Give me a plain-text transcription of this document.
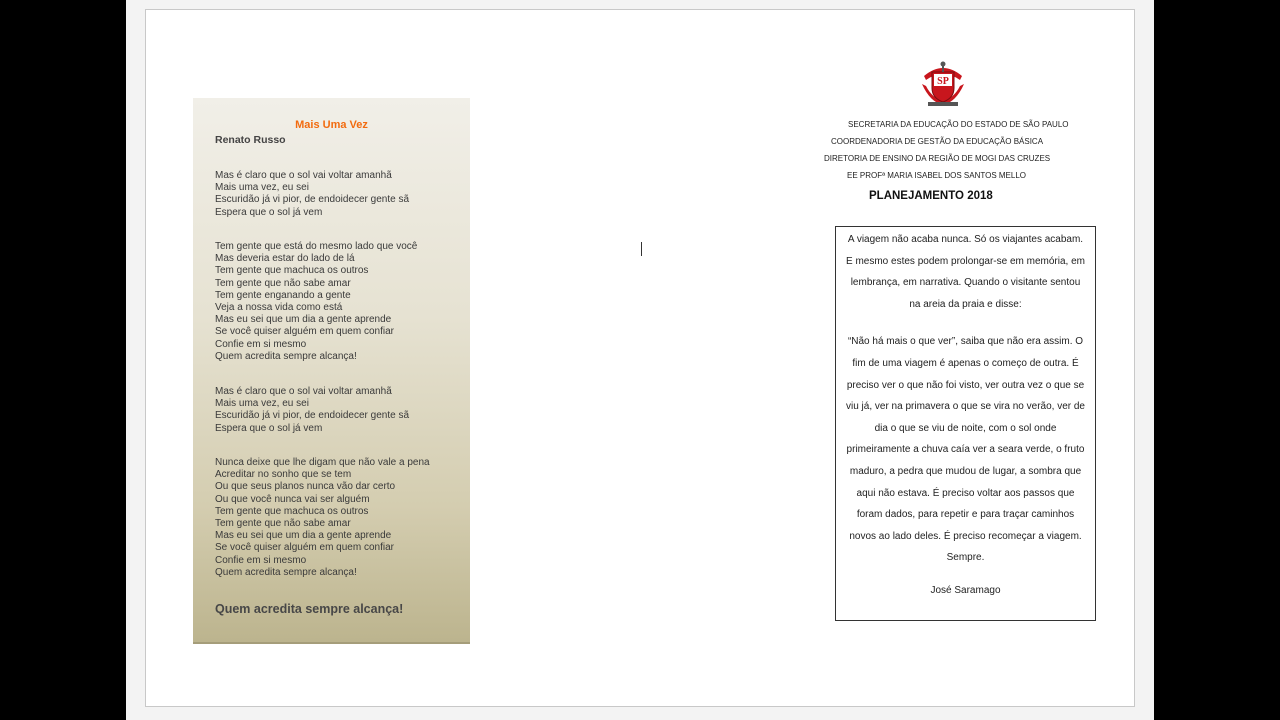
Mais Uma Vez
Renato Russo
Mas é claro que o sol vai voltar amanhã
Mais uma vez, eu sei
Escuridão já vi pior, de endoidecer gente sã
Espera que o sol já vem
Tem gente que está do mesmo lado que você
Mas deveria estar do lado de lá
Tem gente que machuca os outros
Tem gente que não sabe amar
Tem gente enganando a gente
Veja a nossa vida como está
Mas eu sei que um dia a gente aprende
Se você quiser alguém em quem confiar
Confie em si mesmo
Quem acredita sempre alcança!
Mas é claro que o sol vai voltar amanhã
Mais uma vez, eu sei
Escuridão já vi pior, de endoidecer gente sã
Espera que o sol já vem
Nunca deixe que lhe digam que não vale a pena
Acreditar no sonho que se tem
Ou que seus planos nunca vão dar certo
Ou que você nunca vai ser alguém
Tem gente que machuca os outros
Tem gente que não sabe amar
Mas eu sei que um dia a gente aprende
Se você quiser alguém em quem confiar
Confie em si mesmo
Quem acredita sempre alcança!
Quem acredita sempre alcança!
SP
SECRETARIA DA EDUCAÇÃO DO ESTADO DE SÃO PAULO
COORDENADORIA DE GESTÃO DA EDUCAÇÃO BÁSICA
DIRETORIA DE ENSINO DA REGIÃO DE MOGI DAS CRUZES
EE PROFª MARIA ISABEL DOS SANTOS MELLO
PLANEJAMENTO 2018

A viagem não acaba nunca. Só os viajantes acabam. E mesmo estes podem prolongar-se em memória, em lembrança, em narrativa. Quando o visitante sentou na areia da praia e disse:

“Não há mais o que ver”, saiba que não era assim. O fim de uma viagem é apenas o começo de outra. É preciso ver o que não foi visto, ver outra vez o que se viu já, ver na primavera o que se vira no verão, ver de dia o que se viu de noite, com o sol onde primeiramente a chuva caía ver a seara verde, o fruto maduro, a pedra que mudou de lugar, a sombra que aqui não estava. É preciso voltar aos passos que foram dados, para repetir e para traçar caminhos novos ao lado deles. É preciso recomeçar a viagem. Sempre.

José Saramago
